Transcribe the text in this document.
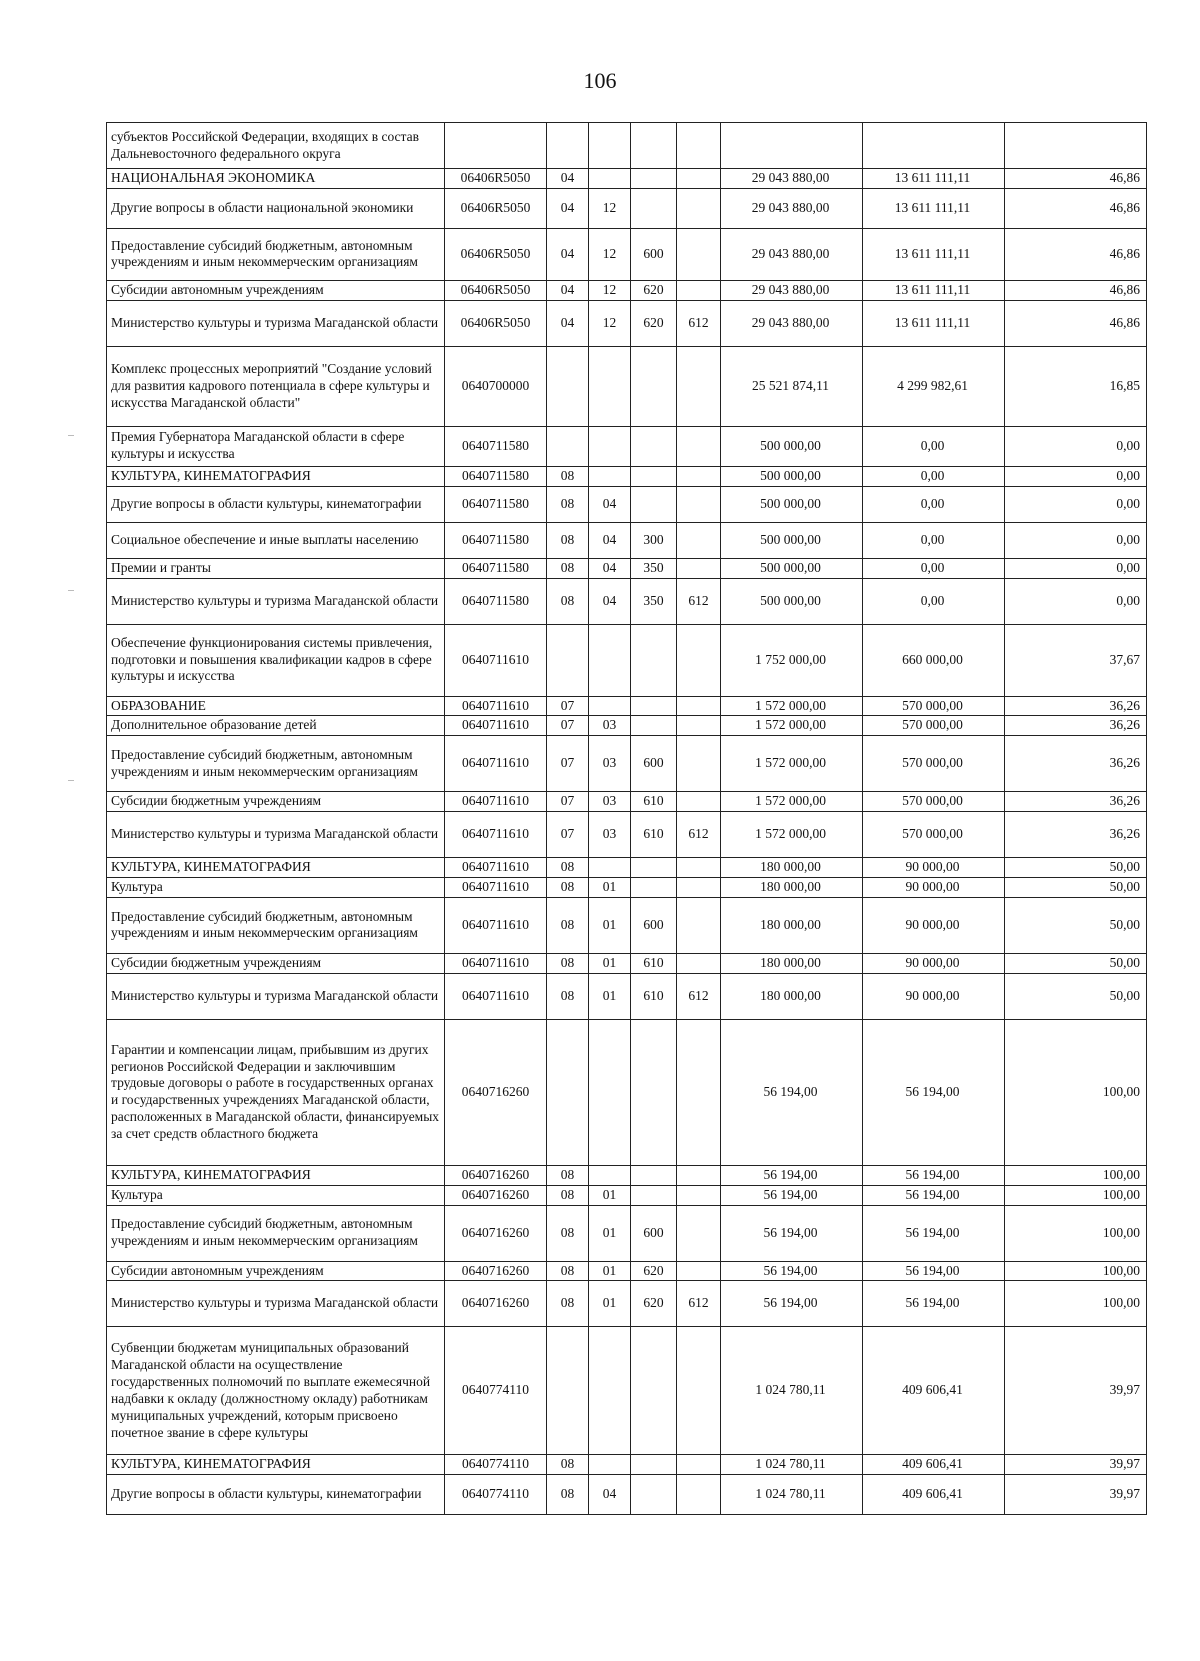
106
субъектов Российской Федерации, входящих в состав Дальневосточного федерального округа								
НАЦИОНАЛЬНАЯ ЭКОНОМИКА	06406R5050	04				29 043 880,00	13 611 111,11	46,86
Другие вопросы в области национальной экономики	06406R5050	04	12			29 043 880,00	13 611 111,11	46,86
Предоставление субсидий бюджетным, автономным учреждениям и иным некоммерческим организациям	06406R5050	04	12	600		29 043 880,00	13 611 111,11	46,86
Субсидии автономным учреждениям	06406R5050	04	12	620		29 043 880,00	13 611 111,11	46,86
Министерство культуры и туризма Магаданской области	06406R5050	04	12	620	612	29 043 880,00	13 611 111,11	46,86
Комплекс процессных мероприятий "Создание условий для развития кадрового потенциала в сфере культуры и искусства Магаданской области"	0640700000					25 521 874,11	4 299 982,61	16,85
Премия Губернатора Магаданской области в сфере культуры и искусства	0640711580					500 000,00	0,00	0,00
КУЛЬТУРА, КИНЕМАТОГРАФИЯ	0640711580	08				500 000,00	0,00	0,00
Другие вопросы в области культуры, кинематографии	0640711580	08	04			500 000,00	0,00	0,00
Социальное обеспечение и иные выплаты населению	0640711580	08	04	300		500 000,00	0,00	0,00
Премии и гранты	0640711580	08	04	350		500 000,00	0,00	0,00
Министерство культуры и туризма Магаданской области	0640711580	08	04	350	612	500 000,00	0,00	0,00
Обеспечение функционирования системы привлечения, подготовки и повышения квалификации кадров в сфере культуры и искусства	0640711610					1 752 000,00	660 000,00	37,67
ОБРАЗОВАНИЕ	0640711610	07				1 572 000,00	570 000,00	36,26
Дополнительное образование детей	0640711610	07	03			1 572 000,00	570 000,00	36,26
Предоставление субсидий бюджетным, автономным учреждениям и иным некоммерческим организациям	0640711610	07	03	600		1 572 000,00	570 000,00	36,26
Субсидии бюджетным учреждениям	0640711610	07	03	610		1 572 000,00	570 000,00	36,26
Министерство культуры и туризма Магаданской области	0640711610	07	03	610	612	1 572 000,00	570 000,00	36,26
КУЛЬТУРА, КИНЕМАТОГРАФИЯ	0640711610	08				180 000,00	90 000,00	50,00
Культура	0640711610	08	01			180 000,00	90 000,00	50,00
Предоставление субсидий бюджетным, автономным учреждениям и иным некоммерческим организациям	0640711610	08	01	600		180 000,00	90 000,00	50,00
Субсидии бюджетным учреждениям	0640711610	08	01	610		180 000,00	90 000,00	50,00
Министерство культуры и туризма Магаданской области	0640711610	08	01	610	612	180 000,00	90 000,00	50,00
Гарантии и компенсации лицам, прибывшим из других регионов Российской Федерации и заключившим трудовые договоры о работе в государственных органах и государственных учреждениях Магаданской области, расположенных в Магаданской области, финансируемых за счет средств областного бюджета	0640716260					56 194,00	56 194,00	100,00
КУЛЬТУРА, КИНЕМАТОГРАФИЯ	0640716260	08				56 194,00	56 194,00	100,00
Культура	0640716260	08	01			56 194,00	56 194,00	100,00
Предоставление субсидий бюджетным, автономным учреждениям и иным некоммерческим организациям	0640716260	08	01	600		56 194,00	56 194,00	100,00
Субсидии автономным учреждениям	0640716260	08	01	620		56 194,00	56 194,00	100,00
Министерство культуры и туризма Магаданской области	0640716260	08	01	620	612	56 194,00	56 194,00	100,00
Субвенции бюджетам муниципальных образований Магаданской области на осуществление государственных полномочий по выплате ежемесячной надбавки к окладу (должностному окладу) работникам муниципальных учреждений, которым присвоено почетное звание в сфере культуры	0640774110					1 024 780,11	409 606,41	39,97
КУЛЬТУРА, КИНЕМАТОГРАФИЯ	0640774110	08				1 024 780,11	409 606,41	39,97
Другие вопросы в области культуры, кинематографии	0640774110	08	04			1 024 780,11	409 606,41	39,97
